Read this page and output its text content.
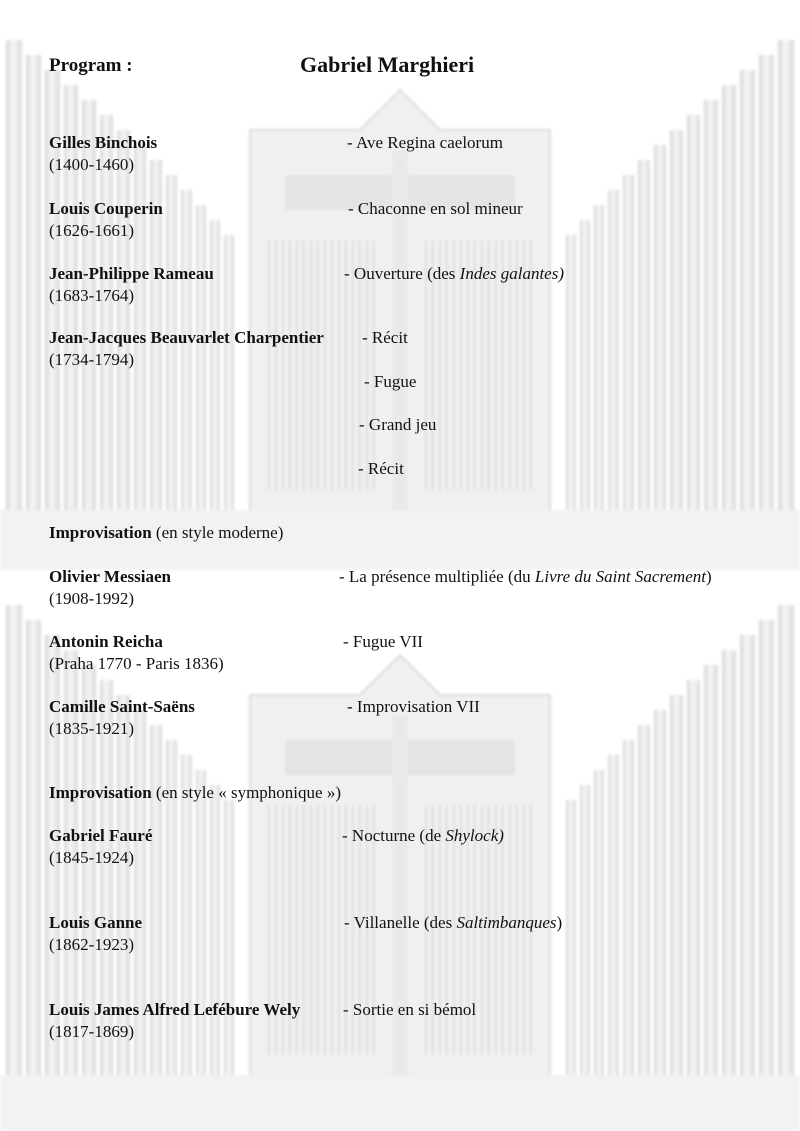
Program :	Gabriel Marghieri
Gilles Binchois
(1400-1460)
- Ave Regina caelorum
Louis Couperin
(1626-1661)
- Chaconne en sol mineur
Jean-Philippe Rameau
(1683-1764)
- Ouverture (des Indes galantes)
Jean-Jacques Beauvarlet Charpentier
(1734-1794)
- Récit
- Fugue
- Grand jeu
- Récit
Improvisation (en style moderne)
Olivier Messiaen
(1908-1992)
- La présence multipliée (du Livre du Saint Sacrement)
Antonin Reicha
(Praha 1770 - Paris 1836)
- Fugue VII
Camille Saint-Saëns
(1835-1921)
- Improvisation VII
Improvisation (en style « symphonique »)
Gabriel Fauré
(1845-1924)
- Nocturne (de Shylock)
Louis Ganne
(1862-1923)
- Villanelle (des Saltimbanques)
Louis James Alfred Lefébure Wely
(1817-1869)
- Sortie en si bémol
